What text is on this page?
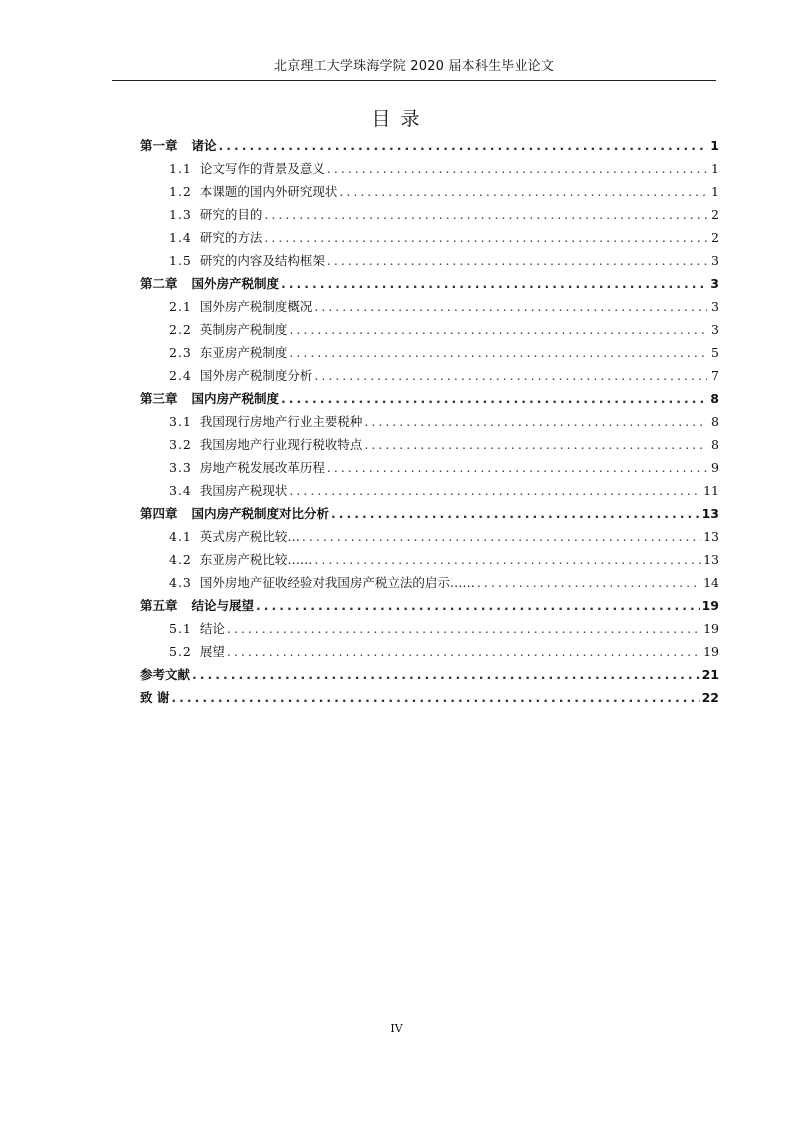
北京理工大学珠海学院 2020 届本科生毕业论文
目 录
第一章 诸论 .....	1
1.1 论文写作的背景及意义 .....	1
1.2 本课题的国内外研究现状 .....	1
1.3 研究的目的 .....	2
1.4 研究的方法 .....	2
1.5 研究的内容及结构框架 .....	3
第二章 国外房产税制度 .....	3
2.1 国外房产税制度概况 .....	3
2.2 英制房产税制度 .....	3
2.3 东亚房产税制度 .....	5
2.4 国外房产税制度分析 .....	7
第三章 国内房产税制度 .....	8
3.1 我国现行房地产行业主要税种 .....	8
3.2 我国房地产行业现行税收特点 .....	8
3.3 房地产税发展改革历程 .....	9
3.4 我国房产税现状 .....	11
第四章 国内房产税制度对比分析 .....	13
4.1 英式房产税比较… .....	13
4.2 东亚房产税比较…… .....	13
4.3 国外房地产征收经验对我国房产税立法的启示…… .....	14
第五章 结论与展望 .....	19
5.1 结论 .....	19
5.2 展望 .....	19
参考文献 .....	21
致 谢 .....	22
IV
